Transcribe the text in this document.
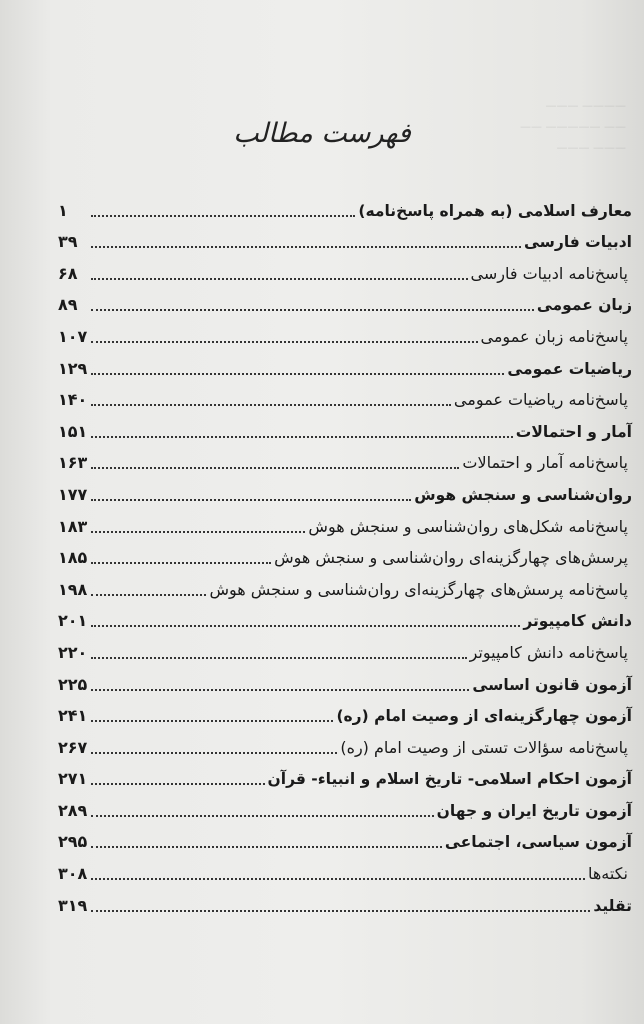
———— ———
—— ————— ——
——— ———
فهرست مطالب
معارف اسلامی (به همراه پاسخ‌نامه)
۱
ادبیات فارسی
۳۹
پاسخ‌نامه ادبیات فارسی
۶۸
زبان عمومی
۸۹
پاسخ‌نامه زبان عمومی
۱۰۷
ریاضیات عمومی
۱۲۹
پاسخ‌نامه ریاضیات عمومی
۱۴۰
آمار و احتمالات
۱۵۱
پاسخ‌نامه آمار و احتمالات
۱۶۳
روان‌شناسی و سنجش هوش
۱۷۷
پاسخ‌نامه شکل‌های روان‌شناسی و سنجش هوش
۱۸۳
پرسش‌های چهارگزینه‌ای روان‌شناسی و سنجش هوش
۱۸۵
پاسخ‌نامه پرسش‌های چهارگزینه‌ای روان‌شناسی و سنجش هوش
۱۹۸
دانش کامپیوتر
۲۰۱
پاسخ‌نامه دانش کامپیوتر
۲۲۰
آزمون قانون اساسی
۲۲۵
آزمون چهارگزینه‌ای از وصیت امام (ره)
۲۴۱
پاسخ‌نامه سؤالات تستی از وصیت امام (ره)
۲۶۷
آزمون احکام اسلامی- تاریخ اسلام و انبیاء- قرآن
۲۷۱
آزمون تاریخ ایران و جهان
۲۸۹
آزمون سیاسی، اجتماعی
۲۹۵
نکته‌ها
۳۰۸
تقلید
۳۱۹
